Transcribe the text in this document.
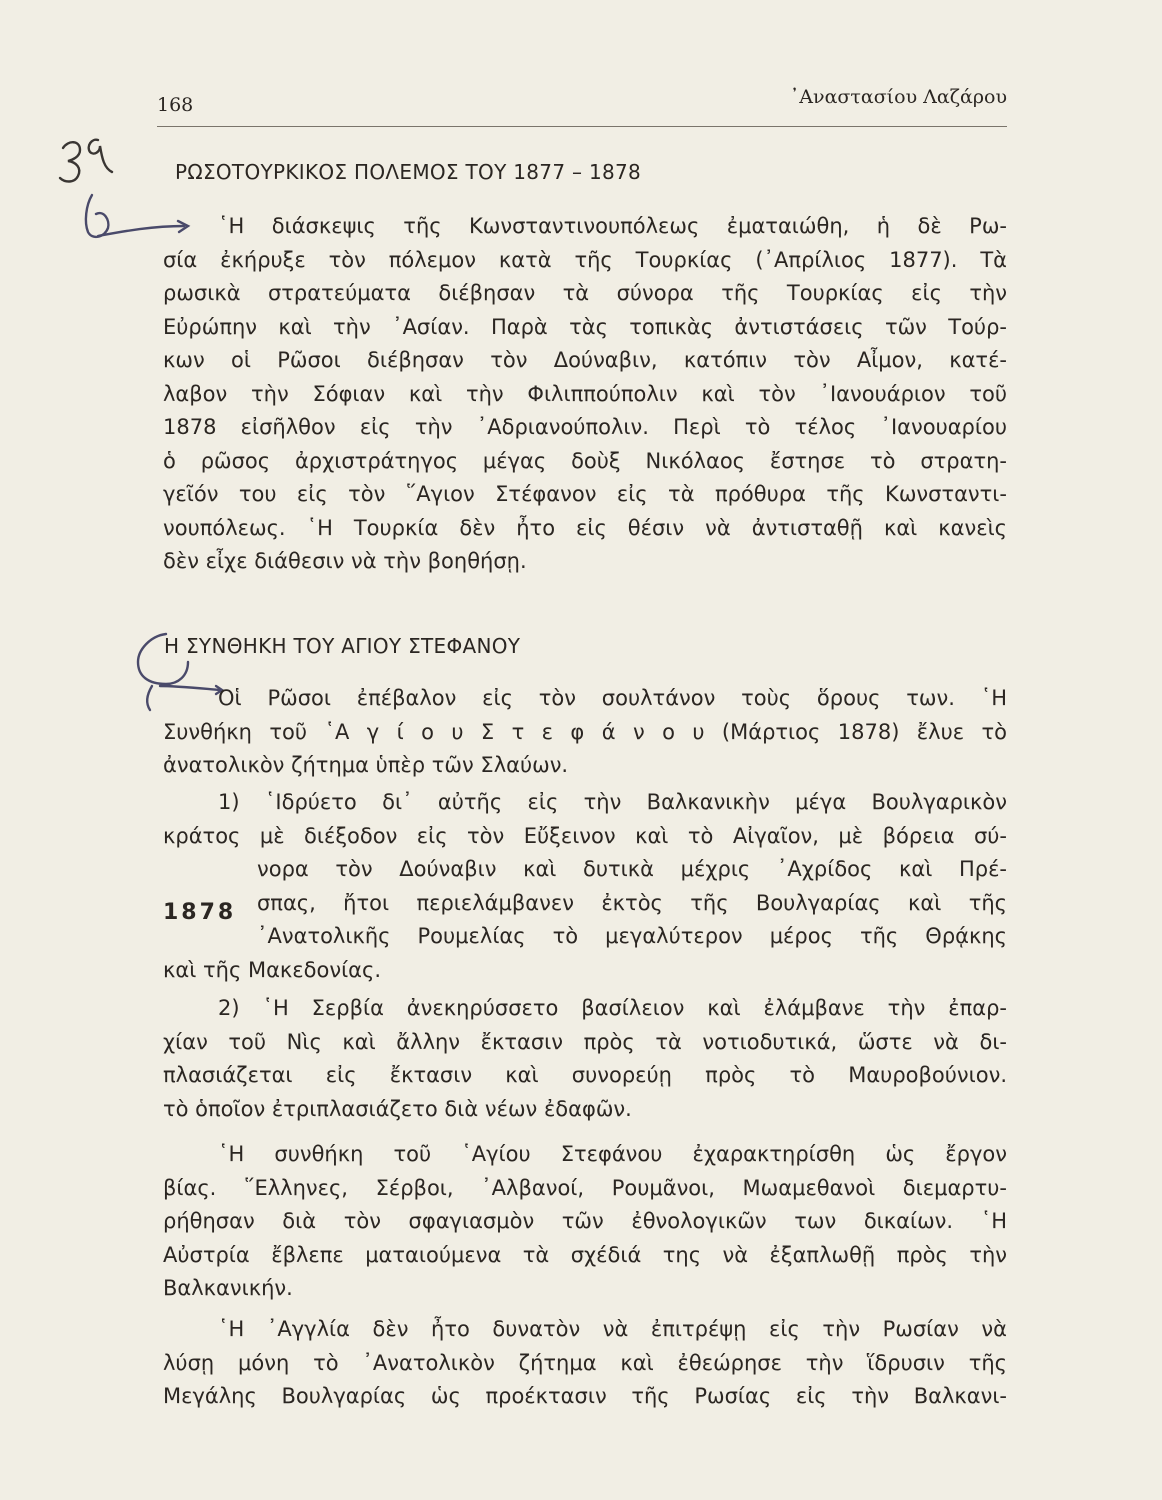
168	᾿Αναστασίου Λαζάρου
ΡΩΣΟΤΟΥΡΚΙΚΟΣ ΠΟΛΕΜΟΣ ΤΟΥ 1877 – 1878
῾Η διάσκεψις τῆς Κωνσταντινουπόλεως ἐματαιώθη, ἡ δὲ Ρω-
σία ἐκήρυξε τὸν πόλεμον κατὰ τῆς Τουρκίας (᾿Απρίλιος 1877). Τὰ
ρωσικὰ στρατεύματα διέβησαν τὰ σύνορα τῆς Τουρκίας εἰς τὴν
Εὐρώπην καὶ τὴν ᾿Ασίαν. Παρὰ τὰς τοπικὰς ἀντιστάσεις τῶν Τούρ-
κων οἱ Ρῶσοι διέβησαν τὸν Δούναβιν, κατόπιν τὸν Αἶμον, κατέ-
λαβον τὴν Σόφιαν καὶ τὴν Φιλιππούπολιν καὶ τὸν ᾿Ιανουάριον τοῦ
1878 εἰσῆλθον εἰς τὴν ᾿Αδριανούπολιν. Περὶ τὸ τέλος ᾿Ιανουαρίου
ὁ ρῶσος ἀρχιστράτηγος μέγας δοὺξ Νικόλαος ἔστησε τὸ στρατη-
γεῖόν του εἰς τὸν ῞Αγιον Στέφανον εἰς τὰ πρόθυρα τῆς Κωνσταντι-
νουπόλεως. ῾Η Τουρκία δὲν ἦτο εἰς θέσιν νὰ ἀντισταθῇ καὶ κανεὶς
δὲν εἶχε διάθεσιν νὰ τὴν βοηθήσῃ.
Η ΣΥΝΘΗΚΗ ΤΟΥ ΑΓΙΟΥ ΣΤΕΦΑΝΟΥ
Οἱ Ρῶσοι ἐπέβαλον εἰς τὸν σουλτάνον τοὺς ὅρους των. ῾Η
Συνθήκη τοῦ ῾Α γ ί ο υ Σ τ ε φ ά ν ο υ (Μάρτιος 1878) ἔλυε τὸ
ἀνατολικὸν ζήτημα ὑπὲρ τῶν Σλαύων.
1) ῾Ιδρύετο δι᾿ αὐτῆς εἰς τὴν Βαλκανικὴν μέγα Βουλγαρικὸν
κράτος μὲ διέξοδον εἰς τὸν Εὔξεινον καὶ τὸ Αἰγαῖον, μὲ βόρεια σύ-
νορα τὸν Δούναβιν καὶ δυτικὰ μέχρις ᾿Αχρίδος καὶ Πρέ-
σπας, ἤτοι περιελάμβανεν ἐκτὸς τῆς Βουλγαρίας καὶ τῆς
᾿Ανατολικῆς Ρουμελίας τὸ μεγαλύτερον μέρος τῆς Θρᾴκης
καὶ τῆς Μακεδονίας.
1878
2) ῾Η Σερβία ἀνεκηρύσσετο βασίλειον καὶ ἐλάμβανε τὴν ἐπαρ-
χίαν τοῦ Νὶς καὶ ἄλλην ἔκτασιν πρὸς τὰ νοτιοδυτικά, ὥστε νὰ δι-
πλασιάζεται εἰς ἔκτασιν καὶ συνορεύῃ πρὸς τὸ Μαυροβούνιον.
τὸ ὁποῖον ἐτριπλασιάζετο διὰ νέων ἐδαφῶν.
῾Η συνθήκη τοῦ ῾Αγίου Στεφάνου ἐχαρακτηρίσθη ὡς ἔργον
βίας. ῞Ελληνες, Σέρβοι, ᾿Αλβανοί, Ρουμᾶνοι, Μωαμεθανοὶ διεμαρτυ-
ρήθησαν διὰ τὸν σφαγιασμὸν τῶν ἐθνολογικῶν των δικαίων. ῾Η
Αὐστρία ἔβλεπε ματαιούμενα τὰ σχέδιά της νὰ ἐξαπλωθῇ πρὸς τὴν
Βαλκανικήν.
῾Η ᾿Αγγλία δὲν ἦτο δυνατὸν νὰ ἐπιτρέψῃ εἰς τὴν Ρωσίαν νὰ
λύσῃ μόνη τὸ ᾿Ανατολικὸν ζήτημα καὶ ἐθεώρησε τὴν ἵδρυσιν τῆς
Μεγάλης Βουλγαρίας ὡς προέκτασιν τῆς Ρωσίας εἰς τὴν Βαλκανι-
